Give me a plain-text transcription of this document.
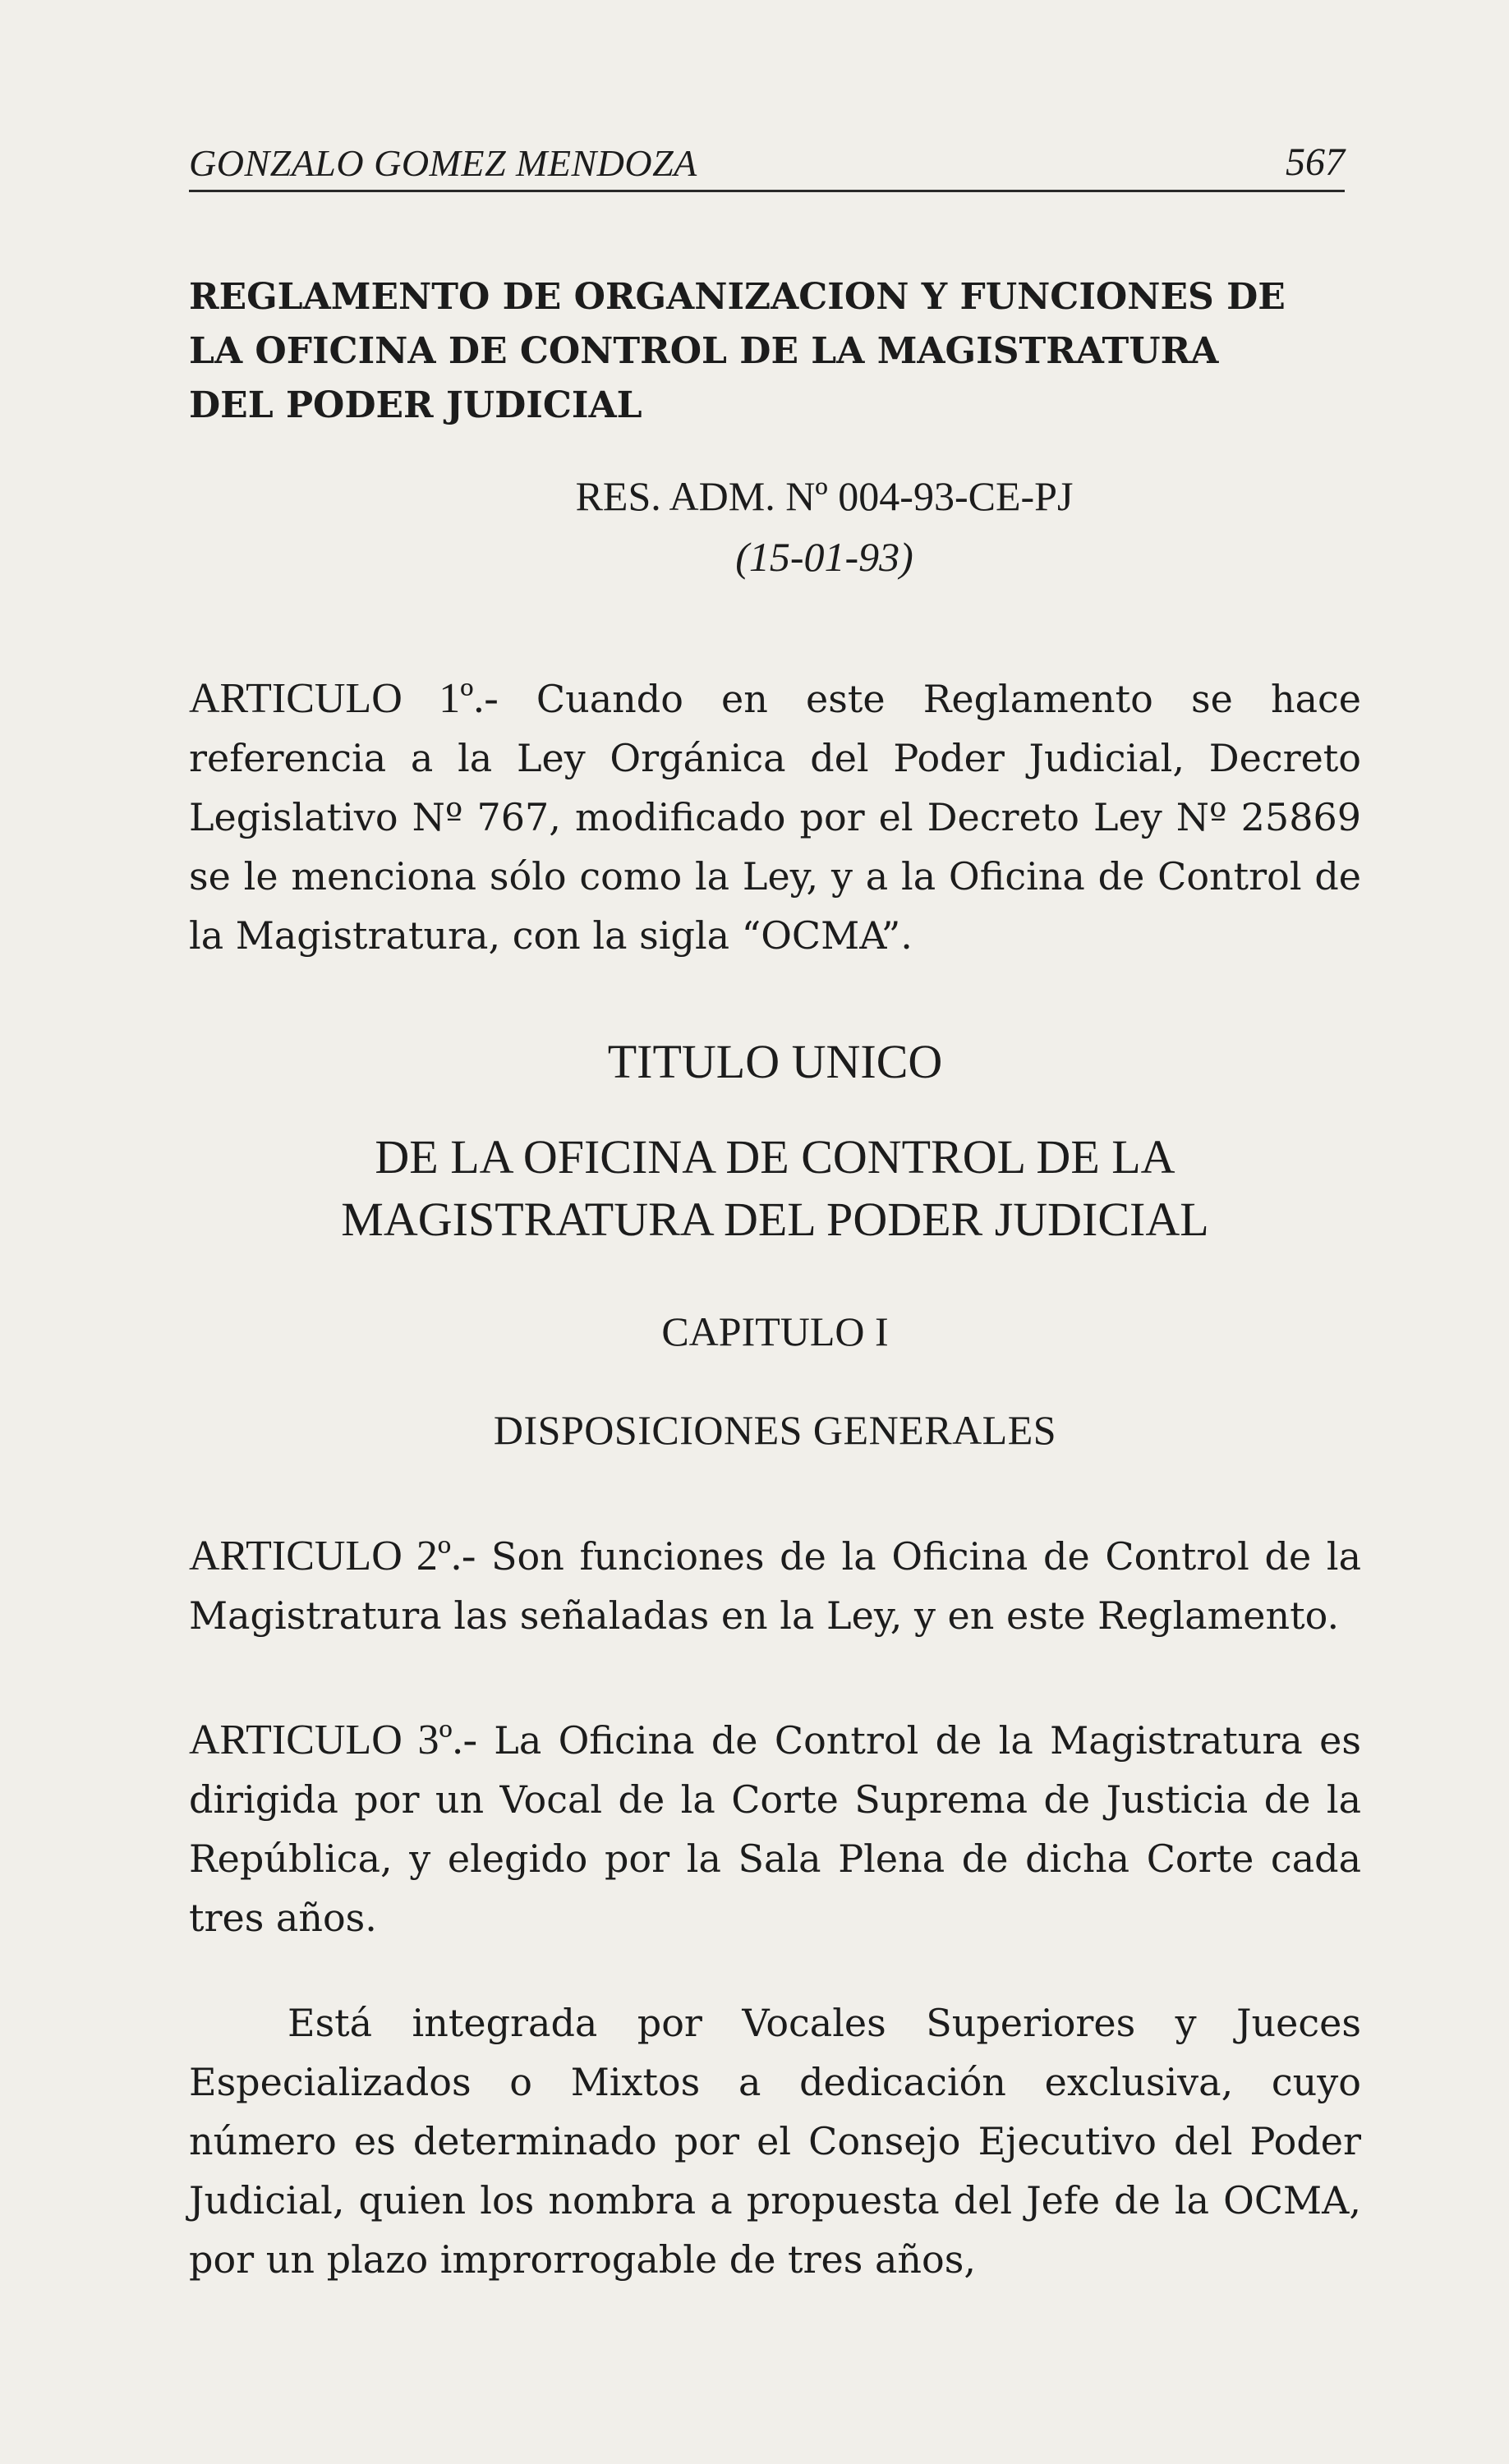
GONZALO GOMEZ MENDOZA	567
REGLAMENTO DE ORGANIZACION Y FUNCIONES DE
LA OFICINA DE CONTROL DE LA MAGISTRATURA
DEL PODER JUDICIAL
RES. ADM. Nº 004-93-CE-PJ
(15-01-93)

ARTICULO 1º.- Cuando en este Reglamento se hace referencia a la Ley Orgánica del Poder Judicial, Decreto Legislativo Nº 767, modificado por el Decreto Ley Nº 25869 se le menciona sólo como la Ley, y a la Oficina de Control de la Magistratura, con la sigla “OCMA”.

TITULO UNICO
DE LA OFICINA DE CONTROL DE LA
MAGISTRATURA DEL PODER JUDICIAL
CAPITULO I
DISPOSICIONES GENERALES

ARTICULO 2º.- Son funciones de la Oficina de Control de la Magistratura las señaladas en la Ley, y en este Reglamento.

ARTICULO 3º.- La Oficina de Control de la Magistratura es dirigida por un Vocal de la Corte Suprema de Justicia de la República, y elegido por la Sala Plena de dicha Corte cada tres años.

Está integrada por Vocales Superiores y Jueces Especializados o Mixtos a dedicación exclusiva, cuyo número es determinado por el Consejo Ejecutivo del Poder Judicial, quien los nombra a propuesta del Jefe de la OCMA, por un plazo improrrogable de tres años,
